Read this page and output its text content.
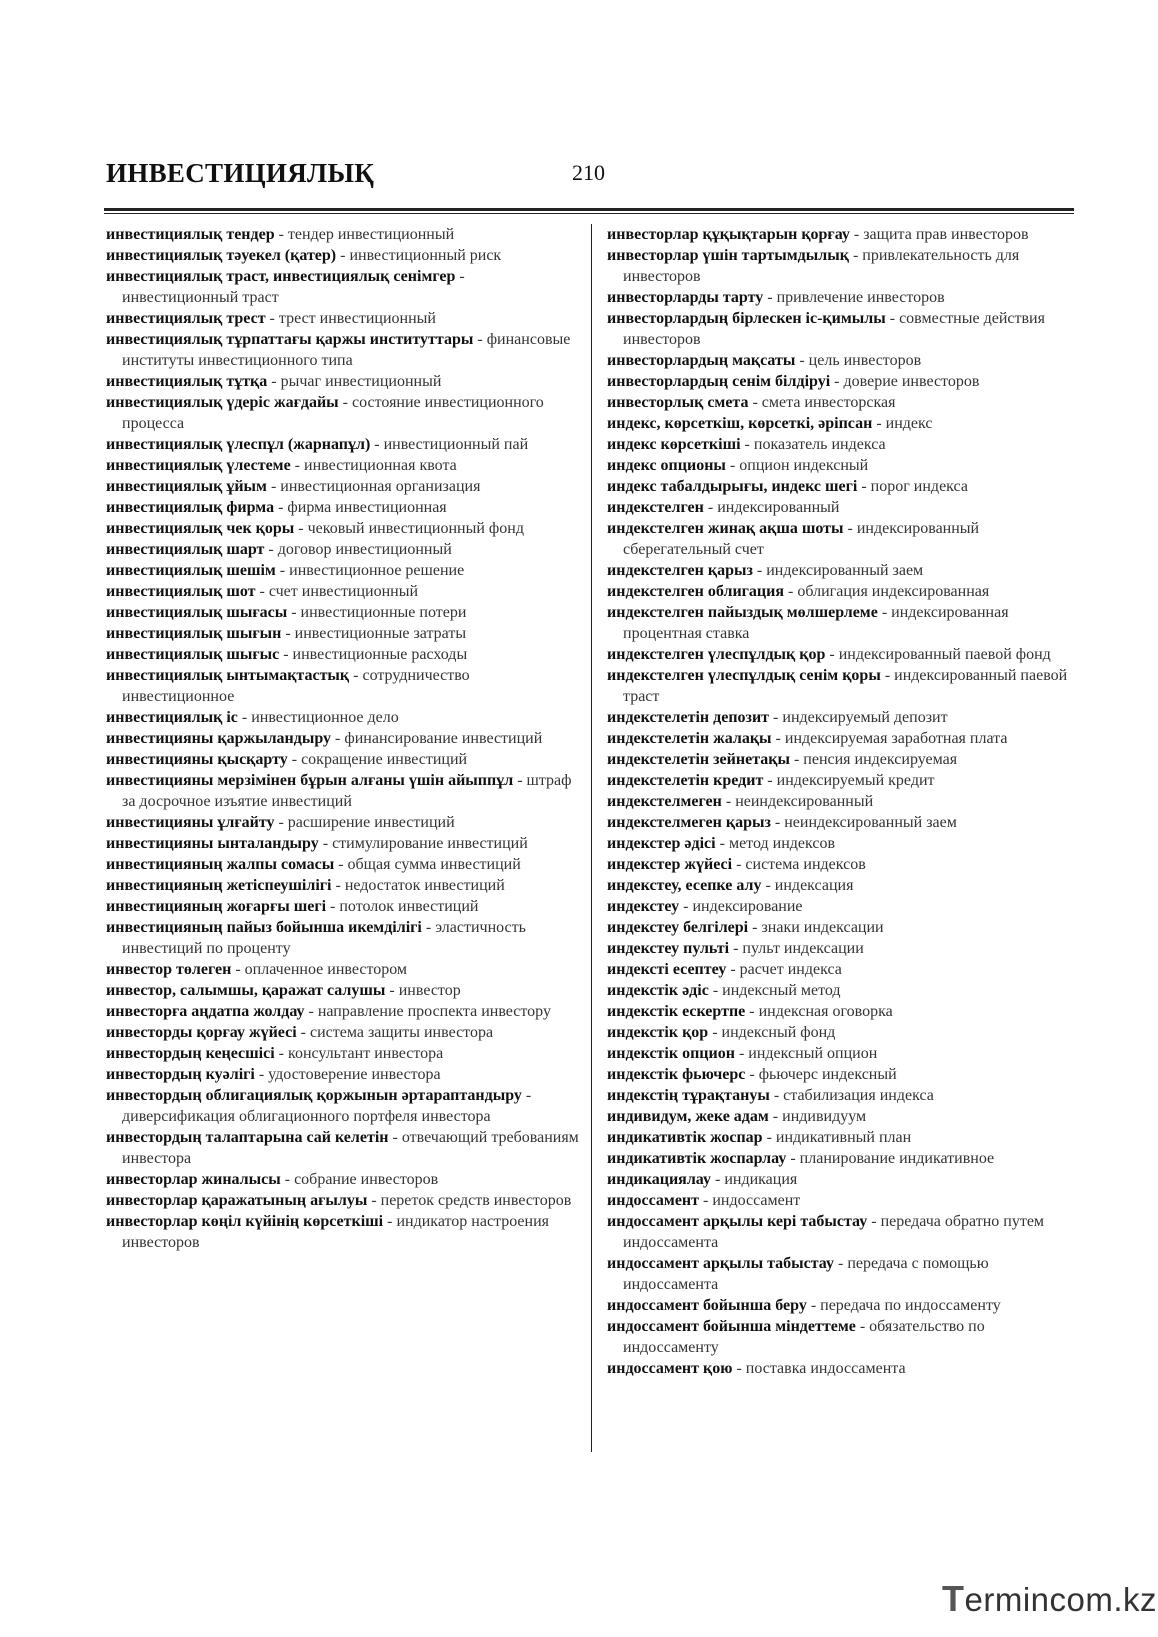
ИНВЕСТИЦИЯЛЫҚ	210
инвестициялық тендер - тендер инвестиционный
инвестициялық тәуекел (қатер) - инвестиционный риск
инвестициялық траст, инвестициялық сенімгер - инвестиционный траст
инвестициялық трест - трест инвестиционный
инвестициялық тұрпаттағы қаржы институттары - финансовые институты инвестиционного типа
инвестициялық тұтқа - рычаг инвестиционный
инвестициялық үдеріс жағдайы - состояние инвестиционного процесса
инвестициялық үлеспұл (жарнапұл) - инвестиционный пай
инвестициялық үлестеме - инвестиционная квота
инвестициялық ұйым - инвестиционная организация
инвестициялық фирма - фирма инвестиционная
инвестициялық чек қоры - чековый инвестиционный фонд
инвестициялық шарт - договор инвестиционный
инвестициялық шешім - инвестиционное решение
инвестициялық шот - счет инвестиционный
инвестициялық шығасы - инвестиционные потери
инвестициялық шығын - инвестиционные затраты
инвестициялық шығыс - инвестиционные расходы
инвестициялық ынтымақтастық - сотрудничество инвестиционное
инвестициялық іс - инвестиционное дело
инвестицияны қаржыландыру - финансирование инвестиций
инвестицияны қысқарту - сокращение инвестиций
инвестицияны мерзімінен бұрын алғаны үшін айыппұл - штраф за досрочное изъятие инвестиций
инвестицияны ұлғайту - расширение инвестиций
инвестицияны ынталандыру - стимулирование инвестиций
инвестицияның жалпы сомасы - общая сумма инвестиций
инвестицияның жетіспеушілігі - недостаток инвестиций
инвестицияның жоғарғы шегі - потолок инвестиций
инвестицияның пайыз бойынша икемділігі - эластичность инвестиций по проценту
инвестор төлеген - оплаченное инвестором
инвестор, салымшы, қаражат салушы - инвестор
инвесторға аңдатпа жолдау - направление проспекта инвестору
инвесторды қорғау жүйесі - система защиты инвестора
инвестордың кеңесшісі - консультант инвестора
инвестордың куәлігі - удостоверение инвестора
инвестордың облигациялық қоржынын әртараптандыру - диверсификация облигационного портфеля инвестора
инвестордың талаптарына сай келетін - отвечающий требованиям инвестора
инвесторлар жиналысы - собрание инвесторов
инвесторлар қаражатының ағылуы - переток средств инвесторов
инвесторлар көңіл күйінің көрсеткіші - индикатор настроения инвесторов
инвесторлар құқықтарын қорғау - защита прав инвесторов
инвесторлар үшін тартымдылық - привлекательность для инвесторов
инвесторларды тарту - привлечение инвесторов
инвесторлардың бірлескен іс-қимылы - совместные действия инвесторов
инвесторлардың мақсаты - цель инвесторов
инвесторлардың сенім білдіруі - доверие инвесторов
инвесторлық смета - смета инвесторская
индекс, көрсеткіш, көрсеткі, әріпсан - индекс
индекс көрсеткіші - показатель индекса
индекс опционы - опцион индексный
индекс табалдырығы, индекс шегі - порог индекса
индекстелген - индексированный
индекстелген жинақ ақша шоты - индексированный сберегательный счет
индекстелген қарыз - индексированный заем
индекстелген облигация - облигация индексированная
индекстелген пайыздық мөлшерлеме - индексированная процентная ставка
индекстелген үлеспұлдық қор - индексированный паевой фонд
индекстелген үлеспұлдық сенім қоры - индексированный паевой траст
индекстелетін депозит - индексируемый депозит
индекстелетін жалақы - индексируемая заработная плата
индекстелетін зейнетақы - пенсия индексируемая
индекстелетін кредит - индексируемый кредит
индекстелмеген - неиндексированный
индекстелмеген қарыз - неиндексированный заем
индекстер әдісі - метод индексов
индекстер жүйесі - система индексов
индекстеу, есепке алу - индексация
индекстеу - индексирование
индекстеу белгілері - знаки индексации
индекстеу пульті - пульт индексации
индексті есептеу - расчет индекса
индекстік әдіс - индексный метод
индекстік ескертпе - индексная оговорка
индекстік қор - индексный фонд
индекстік опцион - индексный опцион
индекстік фьючерс - фьючерс индексный
индекстің тұрақтануы - стабилизация индекса
индивидум, жеке адам - индивидуум
индикативтік жоспар - индикативный план
индикативтік жоспарлау - планирование индикативное
индикациялау - индикация
индоссамент - индоссамент
индоссамент арқылы кері табыстау - передача обратно путем индоссамента
индоссамент арқылы табыстау - передача с помощью индоссамента
индоссамент бойынша беру - передача по индоссаменту
индоссамент бойынша міндеттеме - обязательство по индоссаменту
индоссамент қою - поставка индоссамента
Termincom.kz
